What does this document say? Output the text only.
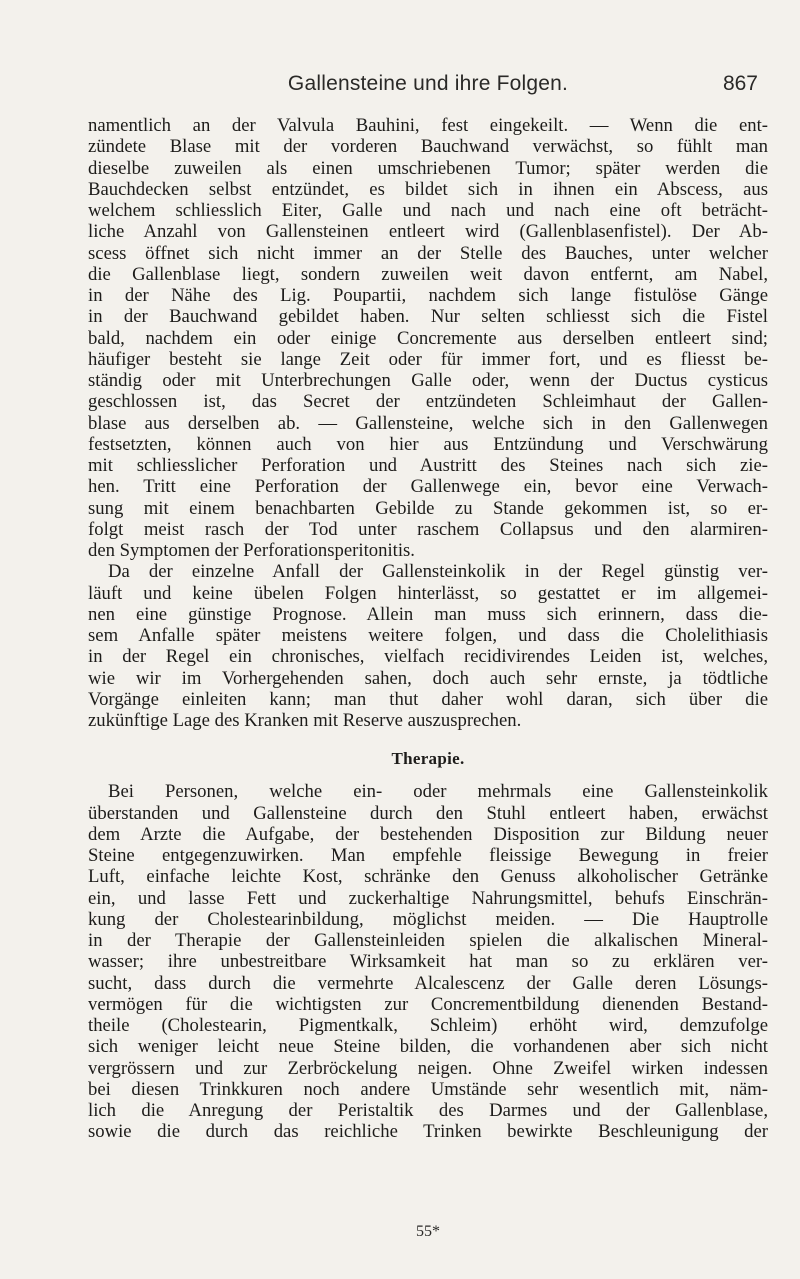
Gallensteine und ihre Folgen.	867
namentlich an der Valvula Bauhini, fest eingekeilt. — Wenn die ent-
zündete Blase mit der vorderen Bauchwand verwächst, so fühlt man
dieselbe zuweilen als einen umschriebenen Tumor; später werden die
Bauchdecken selbst entzündet, es bildet sich in ihnen ein Abscess, aus
welchem schliesslich Eiter, Galle und nach und nach eine oft beträcht-
liche Anzahl von Gallensteinen entleert wird (Gallenblasenfistel). Der Ab-
scess öffnet sich nicht immer an der Stelle des Bauches, unter welcher
die Gallenblase liegt, sondern zuweilen weit davon entfernt, am Nabel,
in der Nähe des Lig. Poupartii, nachdem sich lange fistulöse Gänge
in der Bauchwand gebildet haben. Nur selten schliesst sich die Fistel
bald, nachdem ein oder einige Concremente aus derselben entleert sind;
häufiger besteht sie lange Zeit oder für immer fort, und es fliesst be-
ständig oder mit Unterbrechungen Galle oder, wenn der Ductus cysticus
geschlossen ist, das Secret der entzündeten Schleimhaut der Gallen-
blase aus derselben ab. — Gallensteine, welche sich in den Gallenwegen
festsetzten, können auch von hier aus Entzündung und Verschwärung
mit schliesslicher Perforation und Austritt des Steines nach sich zie-
hen. Tritt eine Perforation der Gallenwege ein, bevor eine Verwach-
sung mit einem benachbarten Gebilde zu Stande gekommen ist, so er-
folgt meist rasch der Tod unter raschem Collapsus und den alarmiren-
den Symptomen der Perforationsperitonitis.
Da der einzelne Anfall der Gallensteinkolik in der Regel günstig ver-
läuft und keine übelen Folgen hinterlässt, so gestattet er im allgemei-
nen eine günstige Prognose. Allein man muss sich erinnern, dass die-
sem Anfalle später meistens weitere folgen, und dass die Cholelithiasis
in der Regel ein chronisches, vielfach recidivirendes Leiden ist, welches,
wie wir im Vorhergehenden sahen, doch auch sehr ernste, ja tödtliche
Vorgänge einleiten kann; man thut daher wohl daran, sich über die
zukünftige Lage des Kranken mit Reserve auszusprechen.
Therapie.
Bei Personen, welche ein- oder mehrmals eine Gallensteinkolik
überstanden und Gallensteine durch den Stuhl entleert haben, erwächst
dem Arzte die Aufgabe, der bestehenden Disposition zur Bildung neuer
Steine entgegenzuwirken. Man empfehle fleissige Bewegung in freier
Luft, einfache leichte Kost, schränke den Genuss alkoholischer Getränke
ein, und lasse Fett und zuckerhaltige Nahrungsmittel, behufs Einschrän-
kung der Cholestearinbildung, möglichst meiden. — Die Hauptrolle
in der Therapie der Gallensteinleiden spielen die alkalischen Mineral-
wasser; ihre unbestreitbare Wirksamkeit hat man so zu erklären ver-
sucht, dass durch die vermehrte Alcalescenz der Galle deren Lösungs-
vermögen für die wichtigsten zur Concrementbildung dienenden Bestand-
theile (Cholestearin, Pigmentkalk, Schleim) erhöht wird, demzufolge
sich weniger leicht neue Steine bilden, die vorhandenen aber sich nicht
vergrössern und zur Zerbröckelung neigen. Ohne Zweifel wirken indessen
bei diesen Trinkkuren noch andere Umstände sehr wesentlich mit, näm-
lich die Anregung der Peristaltik des Darmes und der Gallenblase,
sowie die durch das reichliche Trinken bewirkte Beschleunigung der
55*
